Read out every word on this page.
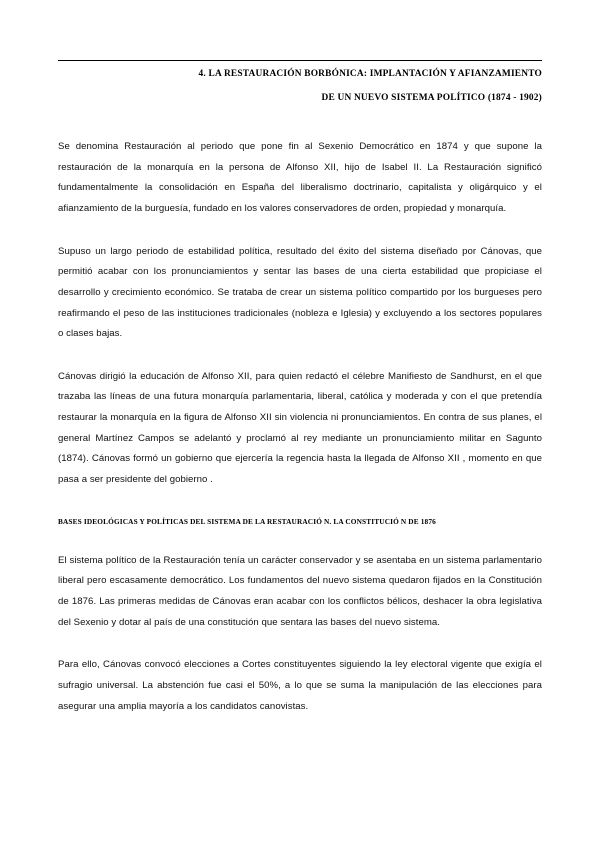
4. LA RESTAURACIÓN BORBÓNICA: IMPLANTACIÓN Y AFIANZAMIENTO
DE UN NUEVO SISTEMA POLÍTICO (1874 - 1902)

Se denomina Restauración al periodo que pone fin al Sexenio Democrático en 1874 y que supone la restauración de la monarquía en la persona de Alfonso XII, hijo de Isabel II. La Restauración significó fundamentalmente la consolidación en España del liberalismo doctrinario, capitalista y oligárquico y el afianzamiento de la burguesía, fundado en los valores conservadores de orden, propiedad y monarquía.

Supuso un largo periodo de estabilidad política, resultado del éxito del sistema diseñado por Cánovas, que permitió acabar con los pronunciamientos y sentar las bases de una cierta estabilidad que propiciase el desarrollo y crecimiento económico. Se trataba de crear un sistema político compartido por los burgueses pero reafirmando el peso de las instituciones tradicionales (nobleza e Iglesia) y excluyendo a los sectores populares o clases bajas.

Cánovas dirigió la educación de Alfonso XII, para quien redactó el célebre Manifiesto de Sandhurst, en el que trazaba las líneas de una futura monarquía parlamentaria, liberal, católica y moderada y con el que pretendía restaurar la monarquía en la figura de Alfonso XII sin violencia ni pronunciamientos. En contra de sus planes, el general Martínez Campos se adelantó y proclamó al rey mediante un pronunciamiento militar en Sagunto (1874). Cánovas formó un gobierno que ejercería la regencia hasta la llegada de Alfonso XII , momento en que pasa a ser presidente del gobierno .

BASES IDEOLÓGICAS Y POLÍTICAS DEL SISTEMA DE LA RESTAURACIÓ N. LA CONSTITUCIÓ N DE 1876

El sistema político de la Restauración tenía un carácter conservador y se asentaba en un sistema parlamentario liberal pero escasamente democrático. Los fundamentos del nuevo sistema quedaron fijados en la Constitución de 1876. Las primeras medidas de Cánovas eran acabar con los conflictos bélicos, deshacer la obra legislativa del Sexenio y dotar al país de una constitución que sentara las bases del nuevo sistema.

Para ello, Cánovas convocó elecciones a Cortes constituyentes siguiendo la ley electoral vigente que exigía el sufragio universal. La abstención fue casi el 50%, a lo que se suma la manipulación de las elecciones para asegurar una amplia mayoría a los candidatos canovistas.
